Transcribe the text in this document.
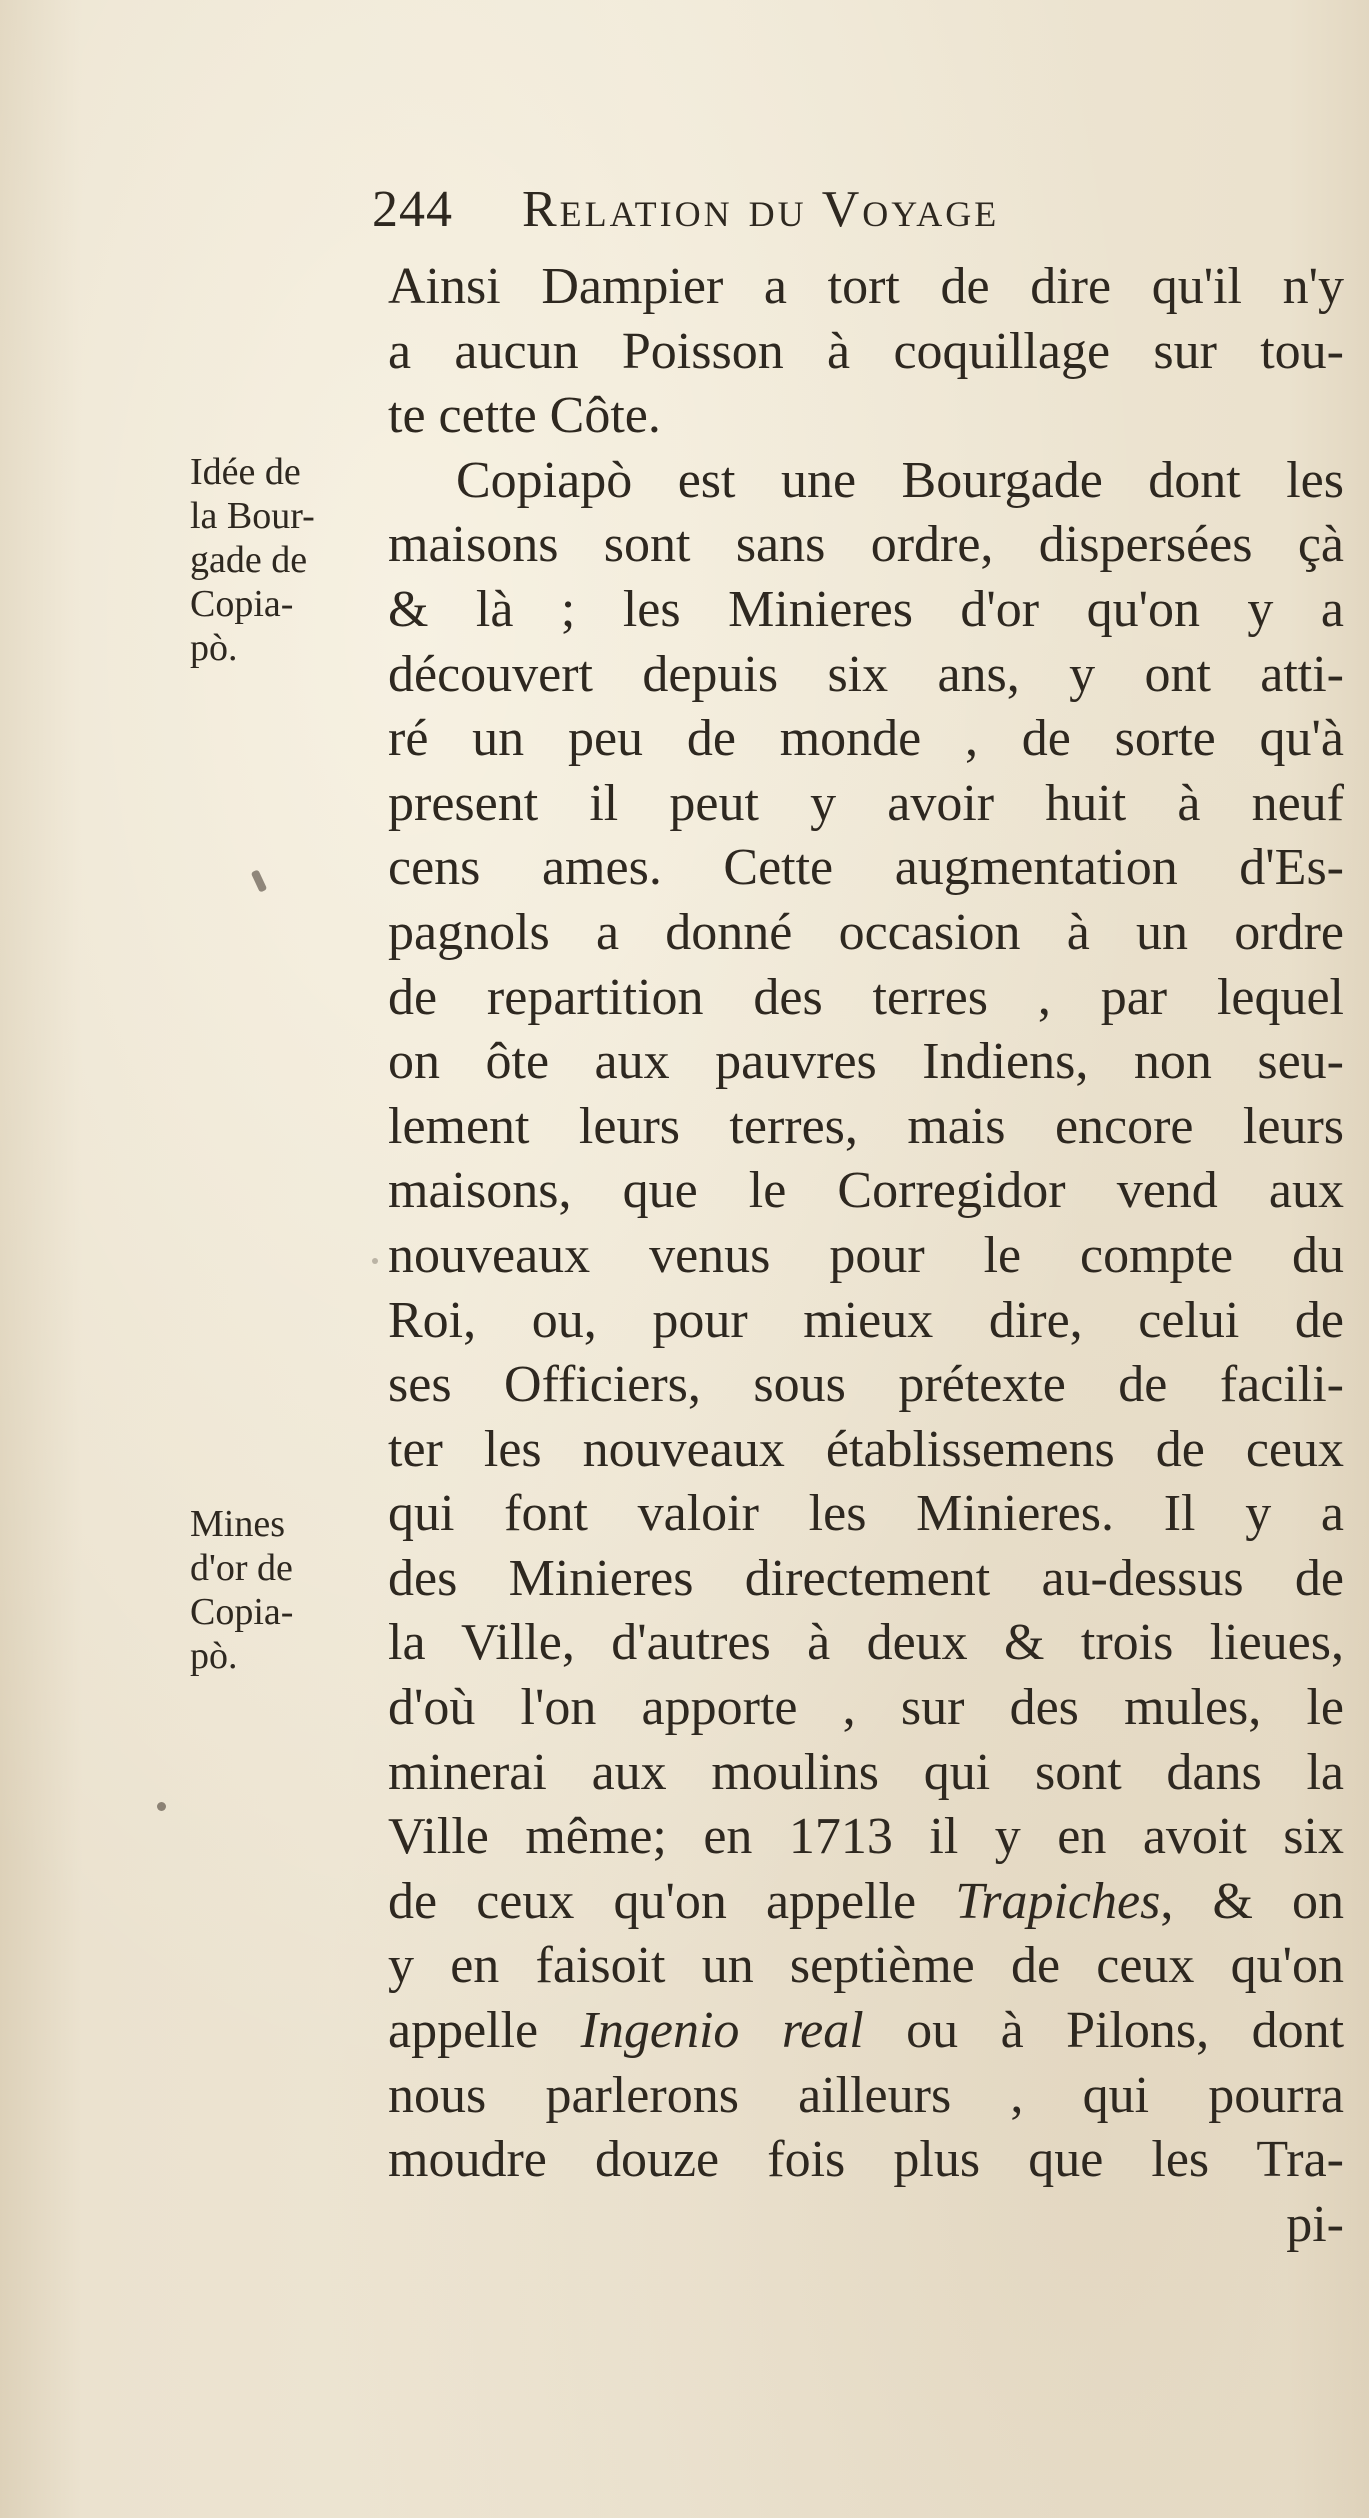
244 Relation du Voyage
Idée de
la Bour-
gade de
Copia-
pò.
Mines
d'or de
Copia-
pò.
Ainsi Dampier a tort de dire qu'il n'y
a aucun Poisson à coquillage sur tou-
te cette Côte.
Copiapò est une Bourgade dont les
maisons sont sans ordre, dispersées çà
& là ; les Minieres d'or qu'on y a
découvert depuis six ans, y ont atti-
ré un peu de monde , de sorte qu'à
present il peut y avoir huit à neuf
cens ames. Cette augmentation d'Es-
pagnols a donné occasion à un ordre
de repartition des terres , par lequel
on ôte aux pauvres Indiens, non seu-
lement leurs terres, mais encore leurs
maisons, que le Corregidor vend aux
nouveaux venus pour le compte du
Roi, ou, pour mieux dire, celui de
ses Officiers, sous prétexte de facili-
ter les nouveaux établissemens de ceux
qui font valoir les Minieres. Il y a
des Minieres directement au-dessus de
la Ville, d'autres à deux & trois lieues,
d'où l'on apporte , sur des mules, le
minerai aux moulins qui sont dans la
Ville même; en 1713 il y en avoit six
de ceux qu'on appelle Trapiches, & on
y en faisoit un septième de ceux qu'on
appelle Ingenio real ou à Pilons, dont
nous parlerons ailleurs , qui pourra
moudre douze fois plus que les Tra-
pi-
